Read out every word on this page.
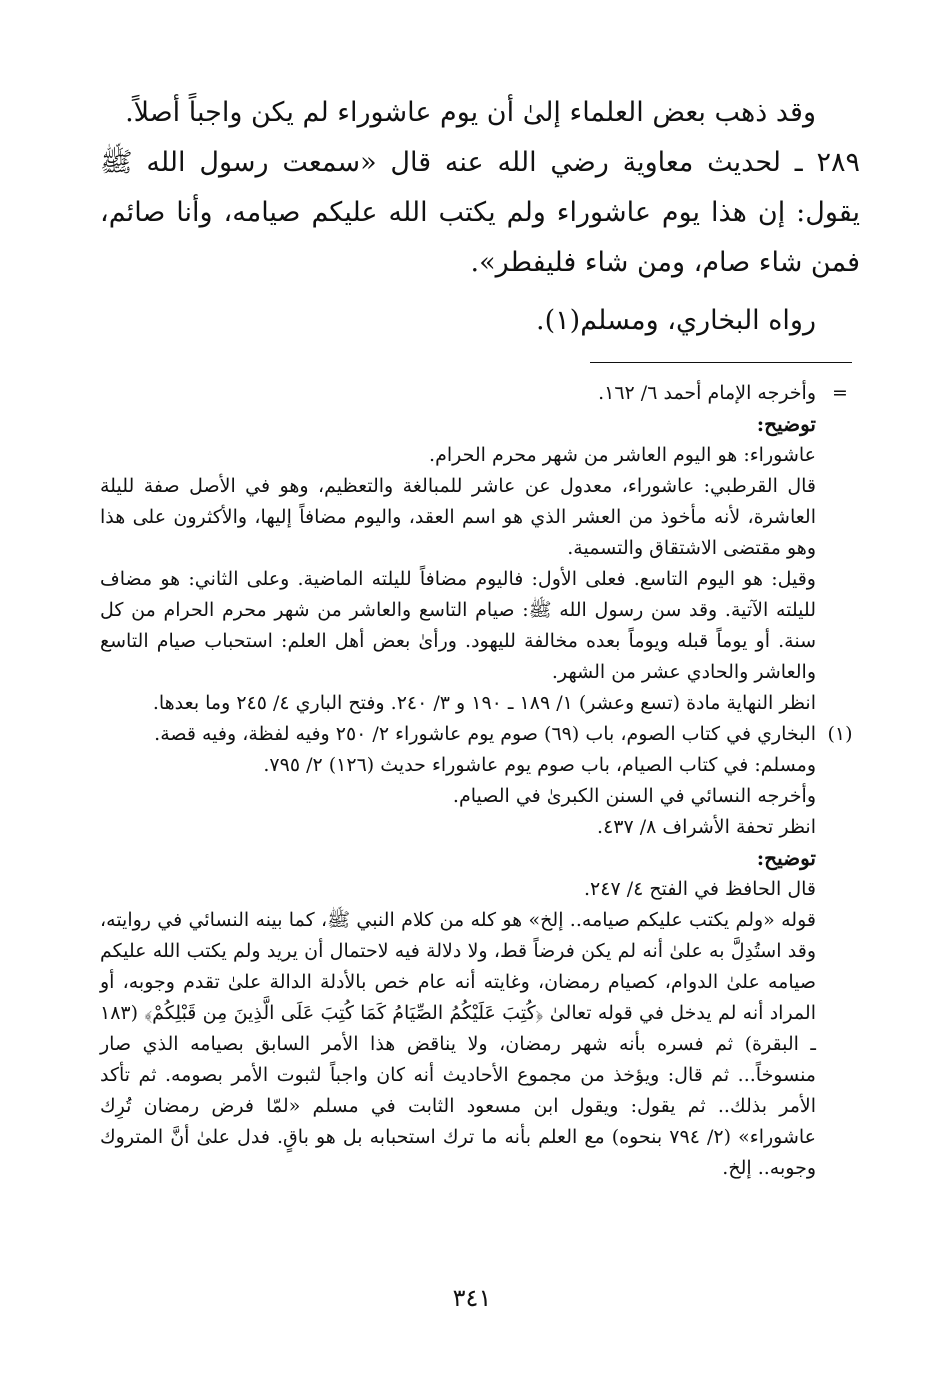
وقد ذهب بعض العلماء إلىٰ أن يوم عاشوراء لم يكن واجباً أصلاً.

٢٨٩ ـ لحديث معاوية رضي الله عنه قال «سمعت رسول الله ﷺ يقول: إن هذا يوم عاشوراء ولم يكتب الله عليكم صيامه، وأنا صائم، فمن شاء صام، ومن شاء فليفطر».

رواه البخاري، ومسلم(١).

=

وأخرجه الإمام أحمد ٦/ ١٦٢.

توضيح:

عاشوراء: هو اليوم العاشر من شهر محرم الحرام.

قال القرطبي: عاشوراء، معدول عن عاشر للمبالغة والتعظيم، وهو في الأصل صفة لليلة العاشرة، لأنه مأخوذ من العشر الذي هو اسم العقد، واليوم مضافاً إليها، والأكثرون على هذا وهو مقتضى الاشتقاق والتسمية.

وقيل: هو اليوم التاسع. فعلى الأول: فاليوم مضافاً لليلته الماضية. وعلى الثاني: هو مضاف لليلته الآتية. وقد سن رسول الله ﷺ: صيام التاسع والعاشر من شهر محرم الحرام من كل سنة. أو يوماً قبله ويوماً بعده مخالفة لليهود. ورأىٰ بعض أهل العلم: استحباب صيام التاسع والعاشر والحادي عشر من الشهر.

انظر النهاية مادة (تسع وعشر) ١/ ١٨٩ ـ ١٩٠ و ٣/ ٢٤٠. وفتح الباري ٤/ ٢٤٥ وما بعدها.

(١)

البخاري في كتاب الصوم، باب (٦٩) صوم يوم عاشوراء ٢/ ٢٥٠ وفيه لفظة، وفيه قصة.

ومسلم: في كتاب الصيام، باب صوم يوم عاشوراء حديث (١٢٦) ٢/ ٧٩٥.

وأخرجه النسائي في السنن الكبرىٰ في الصيام.

انظر تحفة الأشراف ٨/ ٤٣٧.

توضيح:

قال الحافظ في الفتح ٤/ ٢٤٧.

قوله «ولم يكتب عليكم صيامه.. إلخ» هو كله من كلام النبي ﷺ، كما بينه النسائي في روايته، وقد استُدِلَّ به علىٰ أنه لم يكن فرضاً قط، ولا دلالة فيه لاحتمال أن يريد ولم يكتب الله عليكم صيامه علىٰ الدوام، كصيام رمضان، وغايته أنه عام خص بالأدلة الدالة علىٰ تقدم وجوبه، أو المراد أنه لم يدخل في قوله تعالىٰ ﴿كُتِبَ عَلَيْكُمُ الصِّيَامُ كَمَا كُتِبَ عَلَى الَّذِينَ مِن قَبْلِكُمْ﴾ (١٨٣ ـ البقرة) ثم فسره بأنه شهر رمضان، ولا يناقض هذا الأمر السابق بصيامه الذي صار منسوخاً... ثم قال: ويؤخذ من مجموع الأحاديث أنه كان واجباً لثبوت الأمر بصومه. ثم تأكد الأمر بذلك.. ثم يقول: ويقول ابن مسعود الثابت في مسلم «لمّا فرض رمضان تُرِك عاشوراء» (٢/ ٧٩٤ بنحوه) مع العلم بأنه ما ترك استحبابه بل هو باقٍ. فدل علىٰ أنَّ المتروك وجوبه.. إلخ.

٣٤١
